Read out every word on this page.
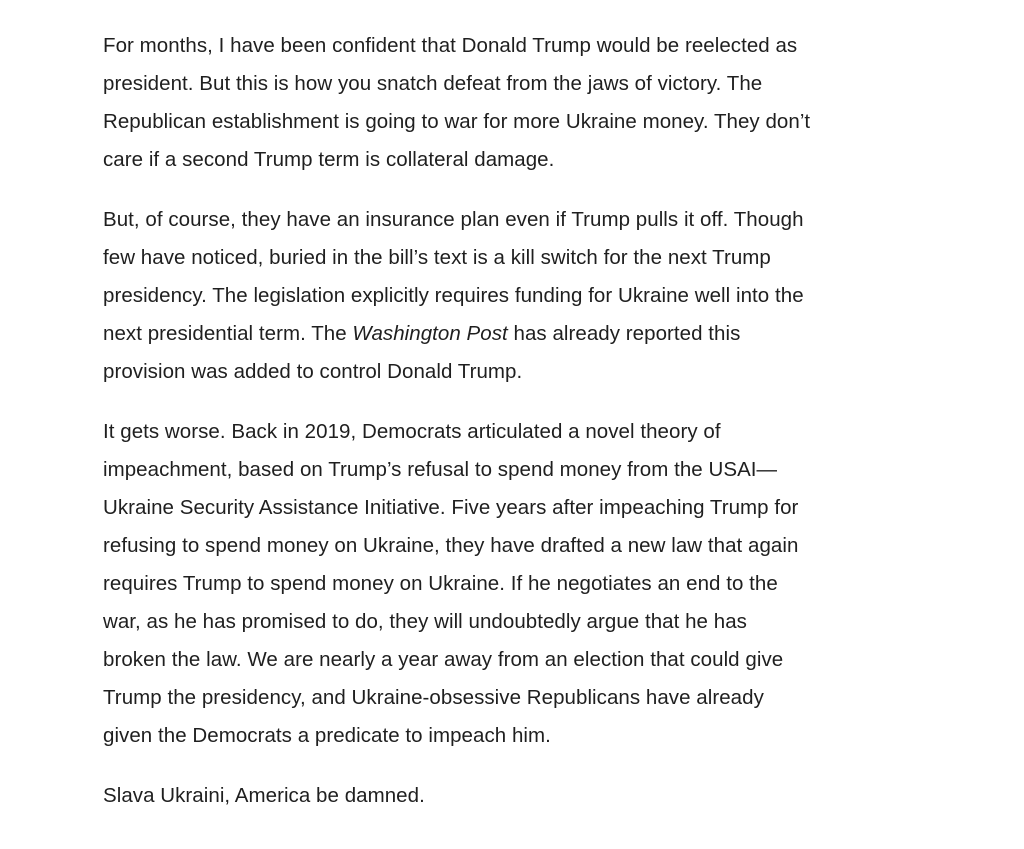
For months, I have been confident that Donald Trump would be reelected as
president. But this is how you snatch defeat from the jaws of victory. The
Republican establishment is going to war for more Ukraine money. They don’t
care if a second Trump term is collateral damage.

But, of course, they have an insurance plan even if Trump pulls it off. Though
few have noticed, buried in the bill’s text is a kill switch for the next Trump
presidency. The legislation explicitly requires funding for Ukraine well into the
next presidential term. The Washington Post has already reported this
provision was added to control Donald Trump.

It gets worse. Back in 2019, Democrats articulated a novel theory of
impeachment, based on Trump’s refusal to spend money from the USAI—
Ukraine Security Assistance Initiative. Five years after impeaching Trump for
refusing to spend money on Ukraine, they have drafted a new law that again
requires Trump to spend money on Ukraine. If he negotiates an end to the
war, as he has promised to do, they will undoubtedly argue that he has
broken the law. We are nearly a year away from an election that could give
Trump the presidency, and Ukraine-obsessive Republicans have already
given the Democrats a predicate to impeach him.

Slava Ukraini, America be damned.
